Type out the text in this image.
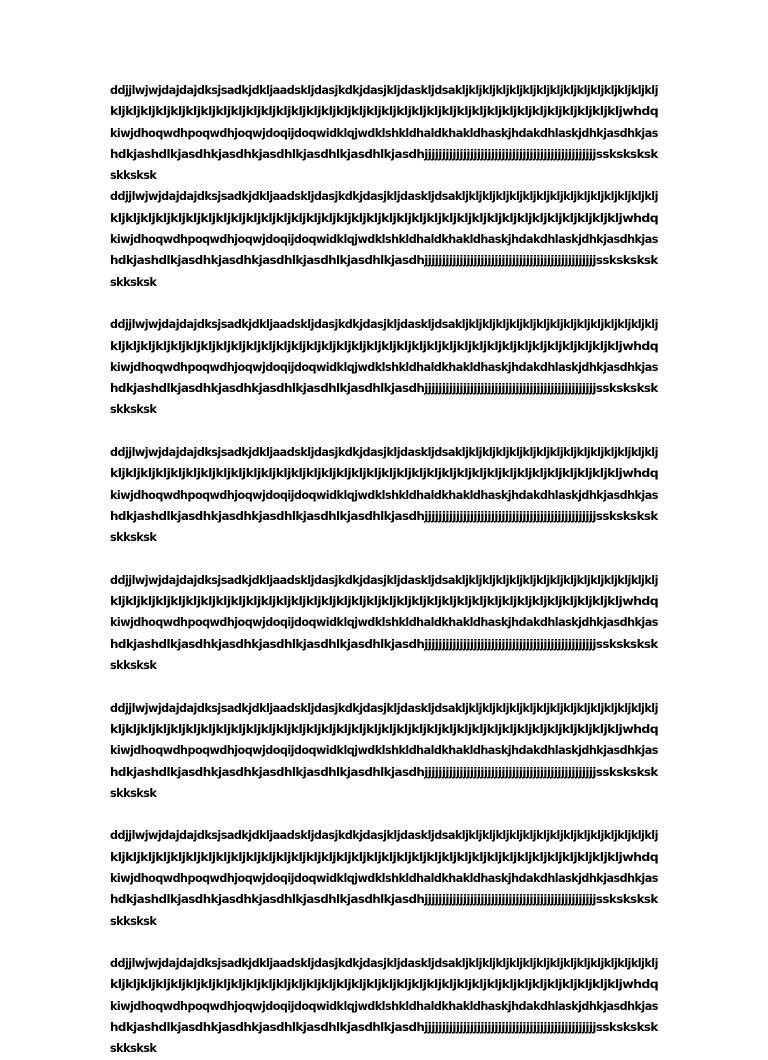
ddjjlwjwjdajdajdksjsadkjdkljaadskljdasjkdkjdasjkljdaskljdsakljkljkljkljkljkljkljkljkljkljkljkljkljkljklj
kljkljkljkljkljkljkljkljkljkljkljkljkljkljkljkljkljkljkljkljkljkljkljkljkljkljkljkljkljkljkljkljkljkljwhdq
kiwjdhoqwdhpoqwdhjoqwjdoqijdoqwidklqjwdklshkldhaldkhakldhaskjhdakdhlaskjdhkjasdhkjas
hdkjashdlkjasdhkjasdhkjasdhlkjasdhlkjasdhlkjasdhjjjjjjjjjjjjjjjjjjjjjjjjjjjjjjjjjjjjjjjjjjjjjjjjjssksksksk
skksksk
ddjjlwjwjdajdajdksjsadkjdkljaadskljdasjkdkjdasjkljdaskljdsakljkljkljkljkljkljkljkljkljkljkljkljkljkljklj
kljkljkljkljkljkljkljkljkljkljkljkljkljkljkljkljkljkljkljkljkljkljkljkljkljkljkljkljkljkljkljkljkljkljwhdq
kiwjdhoqwdhpoqwdhjoqwjdoqijdoqwidklqjwdklshkldhaldkhakldhaskjhdakdhlaskjdhkjasdhkjas
hdkjashdlkjasdhkjasdhkjasdhlkjasdhlkjasdhlkjasdhjjjjjjjjjjjjjjjjjjjjjjjjjjjjjjjjjjjjjjjjjjjjjjjjjssksksksk
skksksk
ddjjlwjwjdajdajdksjsadkjdkljaadskljdasjkdkjdasjkljdaskljdsakljkljkljkljkljkljkljkljkljkljkljkljkljkljklj
kljkljkljkljkljkljkljkljkljkljkljkljkljkljkljkljkljkljkljkljkljkljkljkljkljkljkljkljkljkljkljkljkljkljwhdq
kiwjdhoqwdhpoqwdhjoqwjdoqijdoqwidklqjwdklshkldhaldkhakldhaskjhdakdhlaskjdhkjasdhkjas
hdkjashdlkjasdhkjasdhkjasdhlkjasdhlkjasdhlkjasdhjjjjjjjjjjjjjjjjjjjjjjjjjjjjjjjjjjjjjjjjjjjjjjjjjssksksksk
skksksk
ddjjlwjwjdajdajdksjsadkjdkljaadskljdasjkdkjdasjkljdaskljdsakljkljkljkljkljkljkljkljkljkljkljkljkljkljklj
kljkljkljkljkljkljkljkljkljkljkljkljkljkljkljkljkljkljkljkljkljkljkljkljkljkljkljkljkljkljkljkljkljkljwhdq
kiwjdhoqwdhpoqwdhjoqwjdoqijdoqwidklqjwdklshkldhaldkhakldhaskjhdakdhlaskjdhkjasdhkjas
hdkjashdlkjasdhkjasdhkjasdhlkjasdhlkjasdhlkjasdhjjjjjjjjjjjjjjjjjjjjjjjjjjjjjjjjjjjjjjjjjjjjjjjjjssksksksk
skksksk
ddjjlwjwjdajdajdksjsadkjdkljaadskljdasjkdkjdasjkljdaskljdsakljkljkljkljkljkljkljkljkljkljkljkljkljkljklj
kljkljkljkljkljkljkljkljkljkljkljkljkljkljkljkljkljkljkljkljkljkljkljkljkljkljkljkljkljkljkljkljkljkljwhdq
kiwjdhoqwdhpoqwdhjoqwjdoqijdoqwidklqjwdklshkldhaldkhakldhaskjhdakdhlaskjdhkjasdhkjas
hdkjashdlkjasdhkjasdhkjasdhlkjasdhlkjasdhlkjasdhjjjjjjjjjjjjjjjjjjjjjjjjjjjjjjjjjjjjjjjjjjjjjjjjjssksksksk
skksksk
ddjjlwjwjdajdajdksjsadkjdkljaadskljdasjkdkjdasjkljdaskljdsakljkljkljkljkljkljkljkljkljkljkljkljkljkljklj
kljkljkljkljkljkljkljkljkljkljkljkljkljkljkljkljkljkljkljkljkljkljkljkljkljkljkljkljkljkljkljkljkljkljwhdq
kiwjdhoqwdhpoqwdhjoqwjdoqijdoqwidklqjwdklshkldhaldkhakldhaskjhdakdhlaskjdhkjasdhkjas
hdkjashdlkjasdhkjasdhkjasdhlkjasdhlkjasdhlkjasdhjjjjjjjjjjjjjjjjjjjjjjjjjjjjjjjjjjjjjjjjjjjjjjjjjssksksksk
skksksk
ddjjlwjwjdajdajdksjsadkjdkljaadskljdasjkdkjdasjkljdaskljdsakljkljkljkljkljkljkljkljkljkljkljkljkljkljklj
kljkljkljkljkljkljkljkljkljkljkljkljkljkljkljkljkljkljkljkljkljkljkljkljkljkljkljkljkljkljkljkljkljkljwhdq
kiwjdhoqwdhpoqwdhjoqwjdoqijdoqwidklqjwdklshkldhaldkhakldhaskjhdakdhlaskjdhkjasdhkjas
hdkjashdlkjasdhkjasdhkjasdhlkjasdhlkjasdhlkjasdhjjjjjjjjjjjjjjjjjjjjjjjjjjjjjjjjjjjjjjjjjjjjjjjjjssksksksk
skksksk
ddjjlwjwjdajdajdksjsadkjdkljaadskljdasjkdkjdasjkljdaskljdsakljkljkljkljkljkljkljkljkljkljkljkljkljkljklj
kljkljkljkljkljkljkljkljkljkljkljkljkljkljkljkljkljkljkljkljkljkljkljkljkljkljkljkljkljkljkljkljkljkljwhdq
kiwjdhoqwdhpoqwdhjoqwjdoqijdoqwidklqjwdklshkldhaldkhakldhaskjhdakdhlaskjdhkjasdhkjas
hdkjashdlkjasdhkjasdhkjasdhlkjasdhlkjasdhlkjasdhjjjjjjjjjjjjjjjjjjjjjjjjjjjjjjjjjjjjjjjjjjjjjjjjjssksksksk
skksksk
